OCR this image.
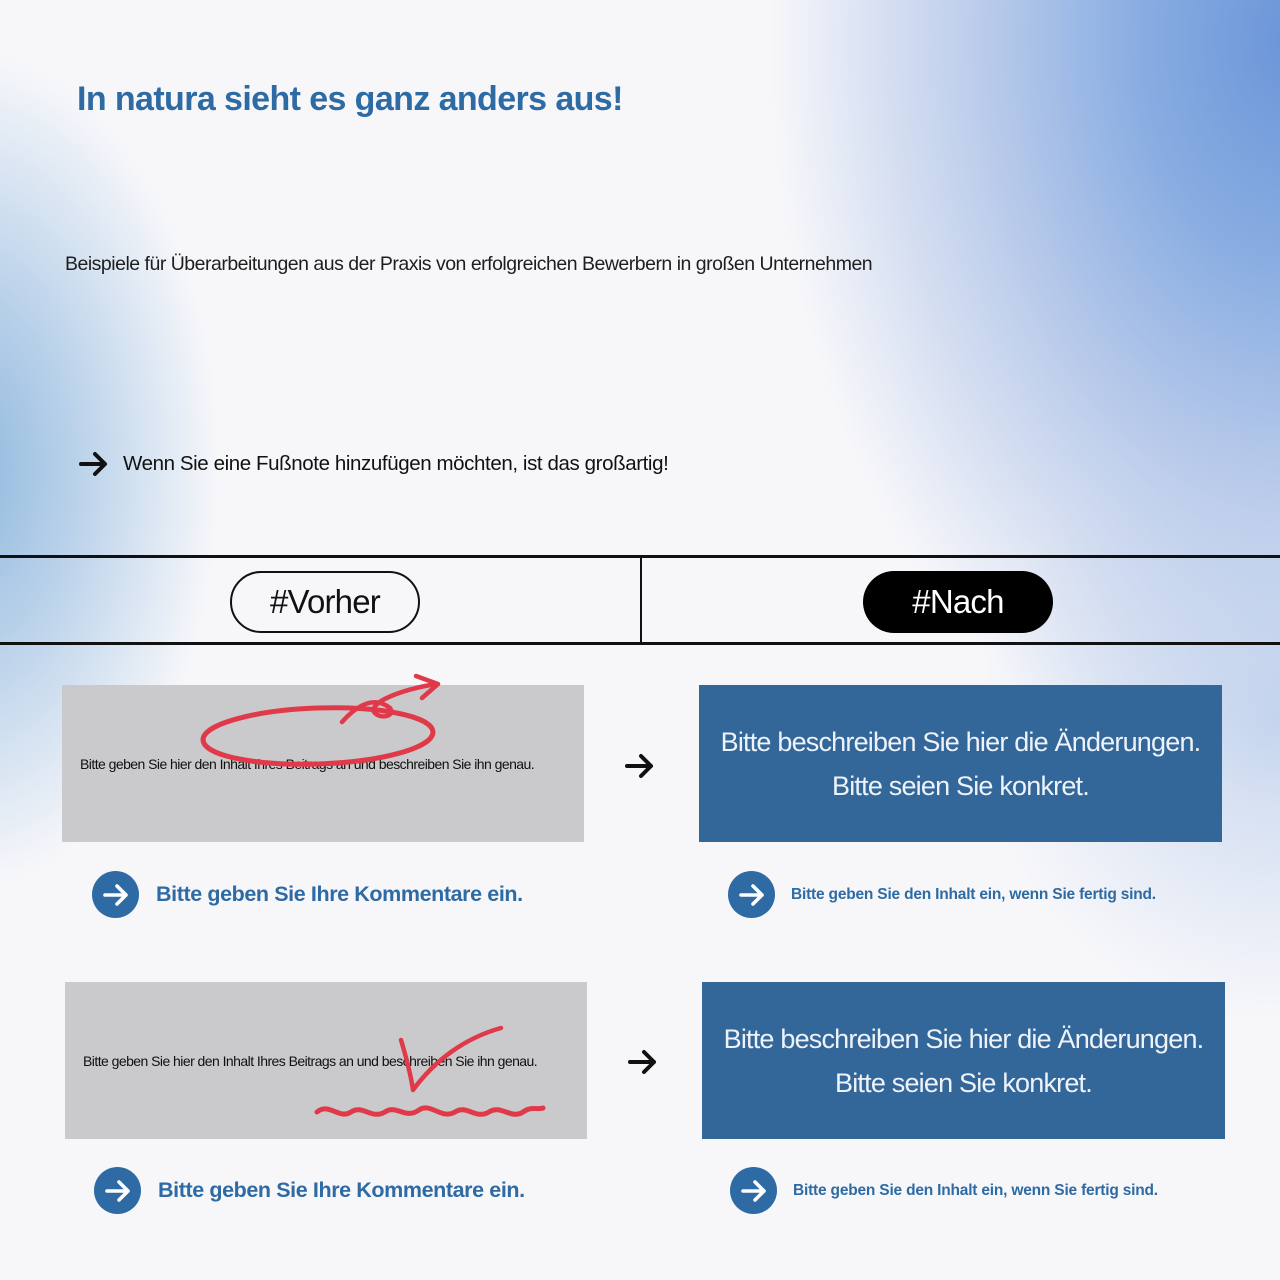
In natura sieht es ganz anders aus!
Beispiele für Überarbeitungen aus der Praxis von erfolgreichen Bewerbern in großen Unternehmen
Wenn Sie eine Fußnote hinzufügen möchten, ist das großartig!
#Vorher	#Nach
Bitte geben Sie hier den Inhalt Ihres Beitrags an und beschreiben Sie ihn genau.
Bitte beschreiben Sie hier die Änderungen.
Bitte seien Sie konkret.
Bitte geben Sie Ihre Kommentare ein.	Bitte geben Sie den Inhalt ein, wenn Sie fertig sind.
Bitte geben Sie hier den Inhalt Ihres Beitrags an und beschreiben Sie ihn genau.
Bitte beschreiben Sie hier die Änderungen.
Bitte seien Sie konkret.
Bitte geben Sie Ihre Kommentare ein.	Bitte geben Sie den Inhalt ein, wenn Sie fertig sind.
